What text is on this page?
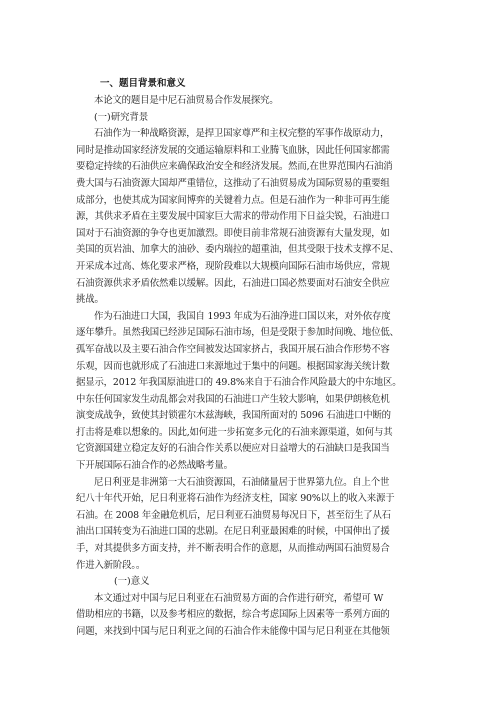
一、题目背景和意义
本论文的题目是中尼石油贸易合作发展探究。
(一)研究背景
石油作为一种战略资源，是捍卫国家尊严和主权完整的军事作战原动力，
同时是推动国家经济发展的交通运输原料和工业腾飞血脉，因此任何国家都需
要稳定持续的石油供应来确保政治安全和经济发展。然而,在世界范围内石油消
费大国与石油资源大国却严重错位，这推动了石油贸易成为国际贸易的重要组
成部分，也使其成为国家间博弈的关键着力点。但是石油作为一种非可再生能
源，其供求矛盾在主要发展中国家巨大需求的带动作用下日益尖锐，石油进口
国对于石油资源的争夺也更加激烈。即使目前非常规石油资源有大量发现，如
美国的页岩油、加拿大的油砂、委内瑞拉的超重油，但其受限于技术支撑不足、
开采成本过高、炼化要求严格，现阶段难以大规模向国际石油市场供应，常规
石油资源供求矛盾依然难以缓解。因此，石油进口国必然要面对石油安全供应
挑战。
作为石油进口大国，我国自 1993 年成为石油净进口国以来，对外依存度
逐年攀升。虽然我国已经涉足国际石油市场，但是受限于参加时间晚、地位低、
孤军奋战以及主要石油合作空间被发达国家挤占，我国开展石油合作形势不容
乐观，因而也就形成了石油进口来源地过于集中的问题。根据国家海关统计数
据显示，2012 年我国原油进口的 49.8%来自于石油合作风险最大的中东地区。
中东任何国家发生动乱都会对我国的石油进口产生较大影响，如果伊朗核危机
演变成战争，致使其封锁霍尔木兹海峡，我国所面对的 5096 石油进口中断的
打击将是难以想象的。因此,如何进一步拓宽多元化的石油来源渠道，如何与其
它资源国建立稳定友好的石油合作关系以便应对日益增大的石油缺口是我国当
下开展国际石油合作的必然战略考量。
尼日利亚是非洲第一大石油资源国，石油储量居于世界第九位。自上个世
纪八十年代开始，尼日利亚将石油作为经济支柱，国家 90%以上的收入来源于
石油。在 2008 年金融危机后，尼日利亚石油贸易每况日下，甚至衍生了从石
油出口国转变为石油进口国的悲剧。在尼日利亚最困难的时候，中国伸出了援
手，对其提供多方面支持，并不断表明合作的意愿，从而推动两国石油贸易合
作进入新阶段。。
(一)意义
本文通过对中国与尼日利亚在石油贸易方面的合作进行研究，希望可 W
借助相应的书籍，以及参考相应的数据，综合考虑国际上因素等一系列方面的
问题，来找到中国与尼日利亚之间的石油合作未能像中国与尼日利亚在其他领
